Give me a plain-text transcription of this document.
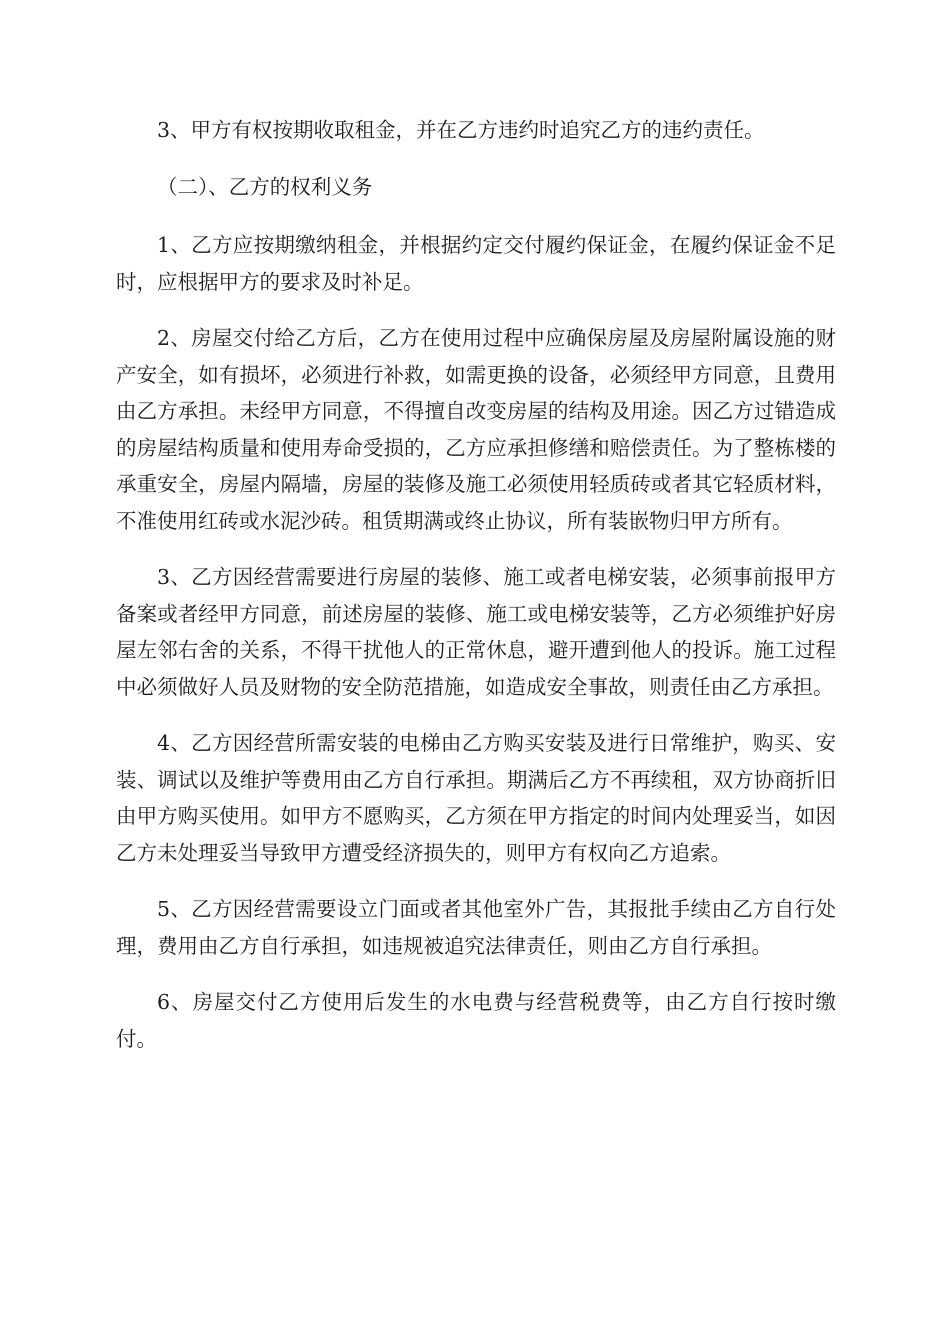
3、甲方有权按期收取租金，并在乙方违约时追究乙方的违约责任。

（二）、乙方的权利义务

1、乙方应按期缴纳租金，并根据约定交付履约保证金，在履约保证金不足时，应根据甲方的要求及时补足。

2、房屋交付给乙方后，乙方在使用过程中应确保房屋及房屋附属设施的财产安全，如有损坏，必须进行补救，如需更换的设备，必须经甲方同意，且费用由乙方承担。未经甲方同意，不得擅自改变房屋的结构及用途。因乙方过错造成的房屋结构质量和使用寿命受损的，乙方应承担修缮和赔偿责任。为了整栋楼的承重安全，房屋内隔墙，房屋的装修及施工必须使用轻质砖或者其它轻质材料，不准使用红砖或水泥沙砖。租赁期满或终止协议，所有装嵌物归甲方所有。

3、乙方因经营需要进行房屋的装修、施工或者电梯安装，必须事前报甲方备案或者经甲方同意，前述房屋的装修、施工或电梯安装等，乙方必须维护好房屋左邻右舍的关系，不得干扰他人的正常休息，避开遭到他人的投诉。施工过程中必须做好人员及财物的安全防范措施，如造成安全事故，则责任由乙方承担。

4、乙方因经营所需安装的电梯由乙方购买安装及进行日常维护，购买、安装、调试以及维护等费用由乙方自行承担。期满后乙方不再续租，双方协商折旧由甲方购买使用。如甲方不愿购买，乙方须在甲方指定的时间内处理妥当，如因乙方未处理妥当导致甲方遭受经济损失的，则甲方有权向乙方追索。

5、乙方因经营需要设立门面或者其他室外广告，其报批手续由乙方自行处理，费用由乙方自行承担，如违规被追究法律责任，则由乙方自行承担。

6、房屋交付乙方使用后发生的水电费与经营税费等，由乙方自行按时缴付。
